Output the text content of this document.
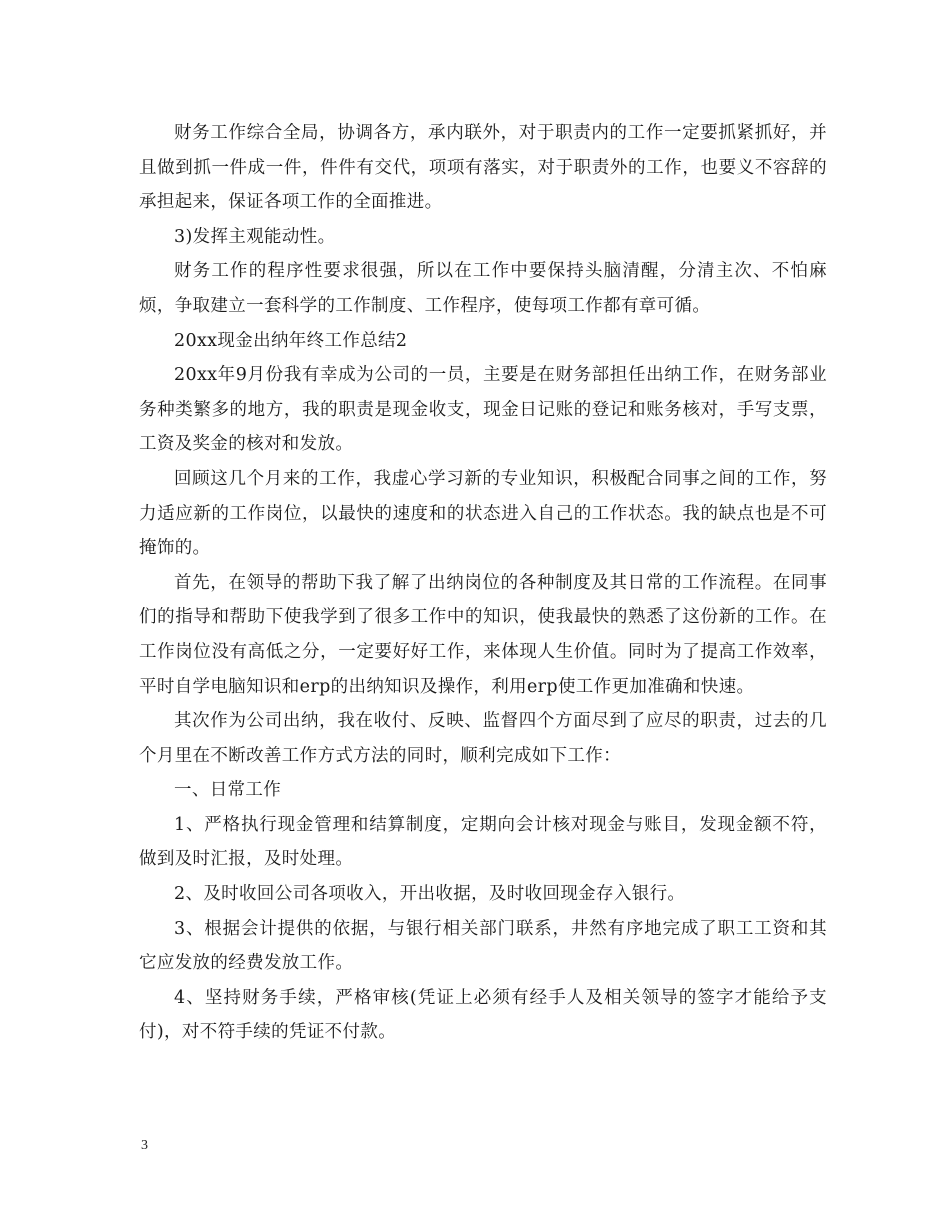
财务工作综合全局，协调各方，承内联外，对于职责内的工作一定要抓紧抓好，并且做到抓一件成一件，件件有交代，项项有落实，对于职责外的工作，也要义不容辞的承担起来，保证各项工作的全面推进。

3)发挥主观能动性。

财务工作的程序性要求很强，所以在工作中要保持头脑清醒，分清主次、不怕麻烦，争取建立一套科学的工作制度、工作程序，使每项工作都有章可循。

20xx现金出纳年终工作总结2

20xx年9月份我有幸成为公司的一员，主要是在财务部担任出纳工作，在财务部业务种类繁多的地方，我的职责是现金收支，现金日记账的登记和账务核对，手写支票，工资及奖金的核对和发放。

回顾这几个月来的工作，我虚心学习新的专业知识，积极配合同事之间的工作，努力适应新的工作岗位，以最快的速度和的状态进入自己的工作状态。我的缺点也是不可掩饰的。

首先，在领导的帮助下我了解了出纳岗位的各种制度及其日常的工作流程。在同事们的指导和帮助下使我学到了很多工作中的知识，使我最快的熟悉了这份新的工作。在工作岗位没有高低之分，一定要好好工作，来体现人生价值。同时为了提高工作效率，平时自学电脑知识和erp的出纳知识及操作，利用erp使工作更加准确和快速。

其次作为公司出纳，我在收付、反映、监督四个方面尽到了应尽的职责，过去的几个月里在不断改善工作方式方法的同时，顺利完成如下工作：

一、日常工作

1、严格执行现金管理和结算制度，定期向会计核对现金与账目，发现金额不符，做到及时汇报，及时处理。

2、及时收回公司各项收入，开出收据，及时收回现金存入银行。

3、根据会计提供的依据，与银行相关部门联系，井然有序地完成了职工工资和其它应发放的经费发放工作。

4、坚持财务手续，严格审核(凭证上必须有经手人及相关领导的签字才能给予支付)，对不符手续的凭证不付款。

3
